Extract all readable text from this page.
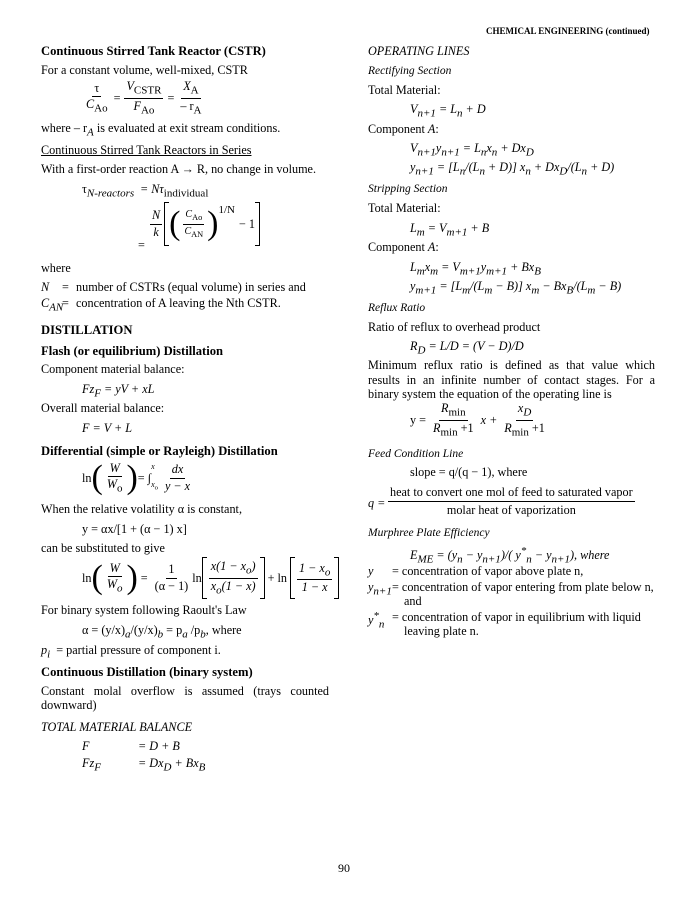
CHEMICAL ENGINEERING (continued)
90
Continuous Stirred Tank Reactor (CSTR)
For a constant volume, well-mixed, CSTR
$\frac{\tau}{C_{Ao}} = \frac{V_{CSTR}}{F_{Ao}} = \frac{X_A}{- r_A}$
where – $r_A$ is evaluated at exit stream conditions.
Continuous Stirred Tank Reactors in Series
With a first-order reaction A → R, no change in volume.
$\tau_{N-reactors} = N\tau_{individual}$
$\frac{N}{k}$ ( $\frac{C_{Ao}}{C_{AN}} )^{1/N}$
− 1
=
where
N = number of CSTRs (equal volume) in series and
$C_{AN}$
= concentration of A leaving the Nth CSTR.
DISTILLATION
Flash (or equilibrium) Distillation
Component material balance:
$Fz_F$ = yV + xL
Overall material balance:
F = V + L
Differential (simple or Rayleigh) Distillation
ln ( $\frac{W}{W_o}$ ) = ∫
x
$x_o \frac{dx}{y - x}$
When the relative volatility α is constant,
y = αx/[1 + (α − 1) x]
can be substituted to give
ln ( $\frac{W}{W_o}$ ) = $\frac{1}{(\alpha - 1)}$ $\ln \frac{x(1 - x_o)}{x_o(1 - x)} + \ln \frac{1 - x_o}{1 - x}$
For binary system following Raoult's Law
$\alpha = (y/x)_a/(y/x)_b = p_a$ $/p_b$, where
$p_i$ = partial pressure of component i.
Continuous Distillation (binary system)
Constant molal overflow is assumed (trays counted downward)
TOTAL MATERIAL BALANCE
F	= D + B
$Fz_F$	= $Dx_D + Bx_B$
OPERATING LINES
Rectifying Section
Total Material:
$V_{n+1} = L_n + D$
Component A:
$V_{n+1}y_{n+1} = L_nx_n + Dx_D$
$y_{n+1} = [L_n/(L_n + D)] x_n + Dx_D/(L_n + D)$
Stripping Section
Total Material:
$L_m = V_{m+1} + B$
Component A:
$L_mx_m = V_{m+1}y_{m+1} + Bx_B$
$y_{m+1} = [L_m/(L_m - B)] x_m - Bx_B/(L_m - B)$
Reflux Ratio
Ratio of reflux to overhead product
$R_D = L/D = (V - D)/D$
Minimum reflux ratio is defined as that value which results in an infinite number of contact stages. For a binary system the equation of the operating line is
$y = \frac{R_{min}}{R_{min} +1}$ $x + \frac{x_D}{R_{min} +1}$
Feed Condition Line
slope = q/(q − 1), where
$q = \frac{\text{heat to convert one mol of feed to saturated vapor}}{\text{molar heat of vaporization}}$
Murphree Plate Efficiency
$E_{ME} = (y_n - y_{n+1})/$( $y^*_n - y_{n+1}$), where
y = concentration of vapor above plate n,
$y_{n+1}$ = concentration of vapor entering from plate below n,
and
$y^*_n$
= concentration of vapor in equilibrium with liquid
leaving plate n.
